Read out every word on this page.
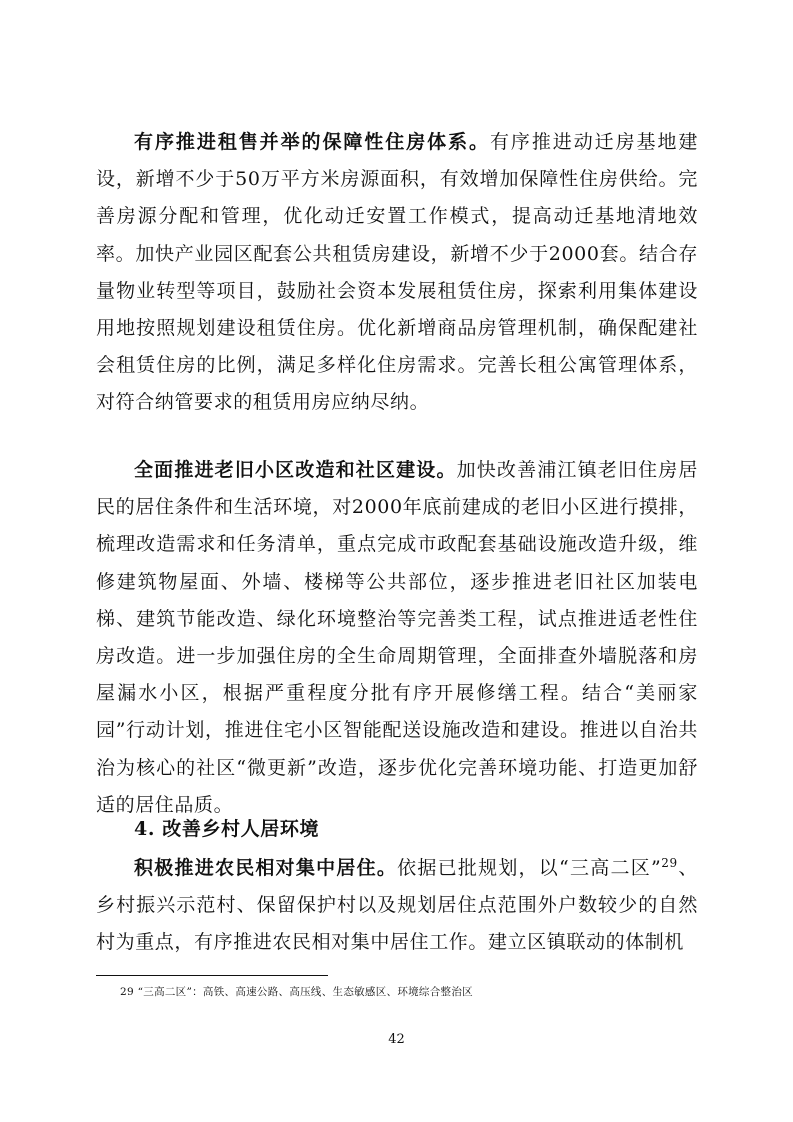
有序推进租售并举的保障性住房体系。有序推进动迁房基地建设，新增不少于50万平方米房源面积，有效增加保障性住房供给。完善房源分配和管理，优化动迁安置工作模式，提高动迁基地清地效率。加快产业园区配套公共租赁房建设，新增不少于2000套。结合存量物业转型等项目，鼓励社会资本发展租赁住房，探索利用集体建设用地按照规划建设租赁住房。优化新增商品房管理机制，确保配建社会租赁住房的比例，满足多样化住房需求。完善长租公寓管理体系，对符合纳管要求的租赁用房应纳尽纳。

全面推进老旧小区改造和社区建设。加快改善浦江镇老旧住房居民的居住条件和生活环境，对2000年底前建成的老旧小区进行摸排，梳理改造需求和任务清单，重点完成市政配套基础设施改造升级，维修建筑物屋面、外墙、楼梯等公共部位，逐步推进老旧社区加装电梯、建筑节能改造、绿化环境整治等完善类工程，试点推进适老性住房改造。进一步加强住房的全生命周期管理，全面排查外墙脱落和房屋漏水小区，根据严重程度分批有序开展修缮工程。结合“美丽家园”行动计划，推进住宅小区智能配送设施改造和建设。推进以自治共治为核心的社区“微更新”改造，逐步优化完善环境功能、打造更加舒适的居住品质。

4. 改善乡村人居环境

积极推进农民相对集中居住。依据已批规划，以“三高二区”$^{29}$、乡村振兴示范村、保留保护村以及规划居住点范围外户数较少的自然村为重点，有序推进农民相对集中居住工作。建立区镇联动的体制机

29 “三高二区”：高铁、高速公路、高压线、生态敏感区、环境综合整治区
42
